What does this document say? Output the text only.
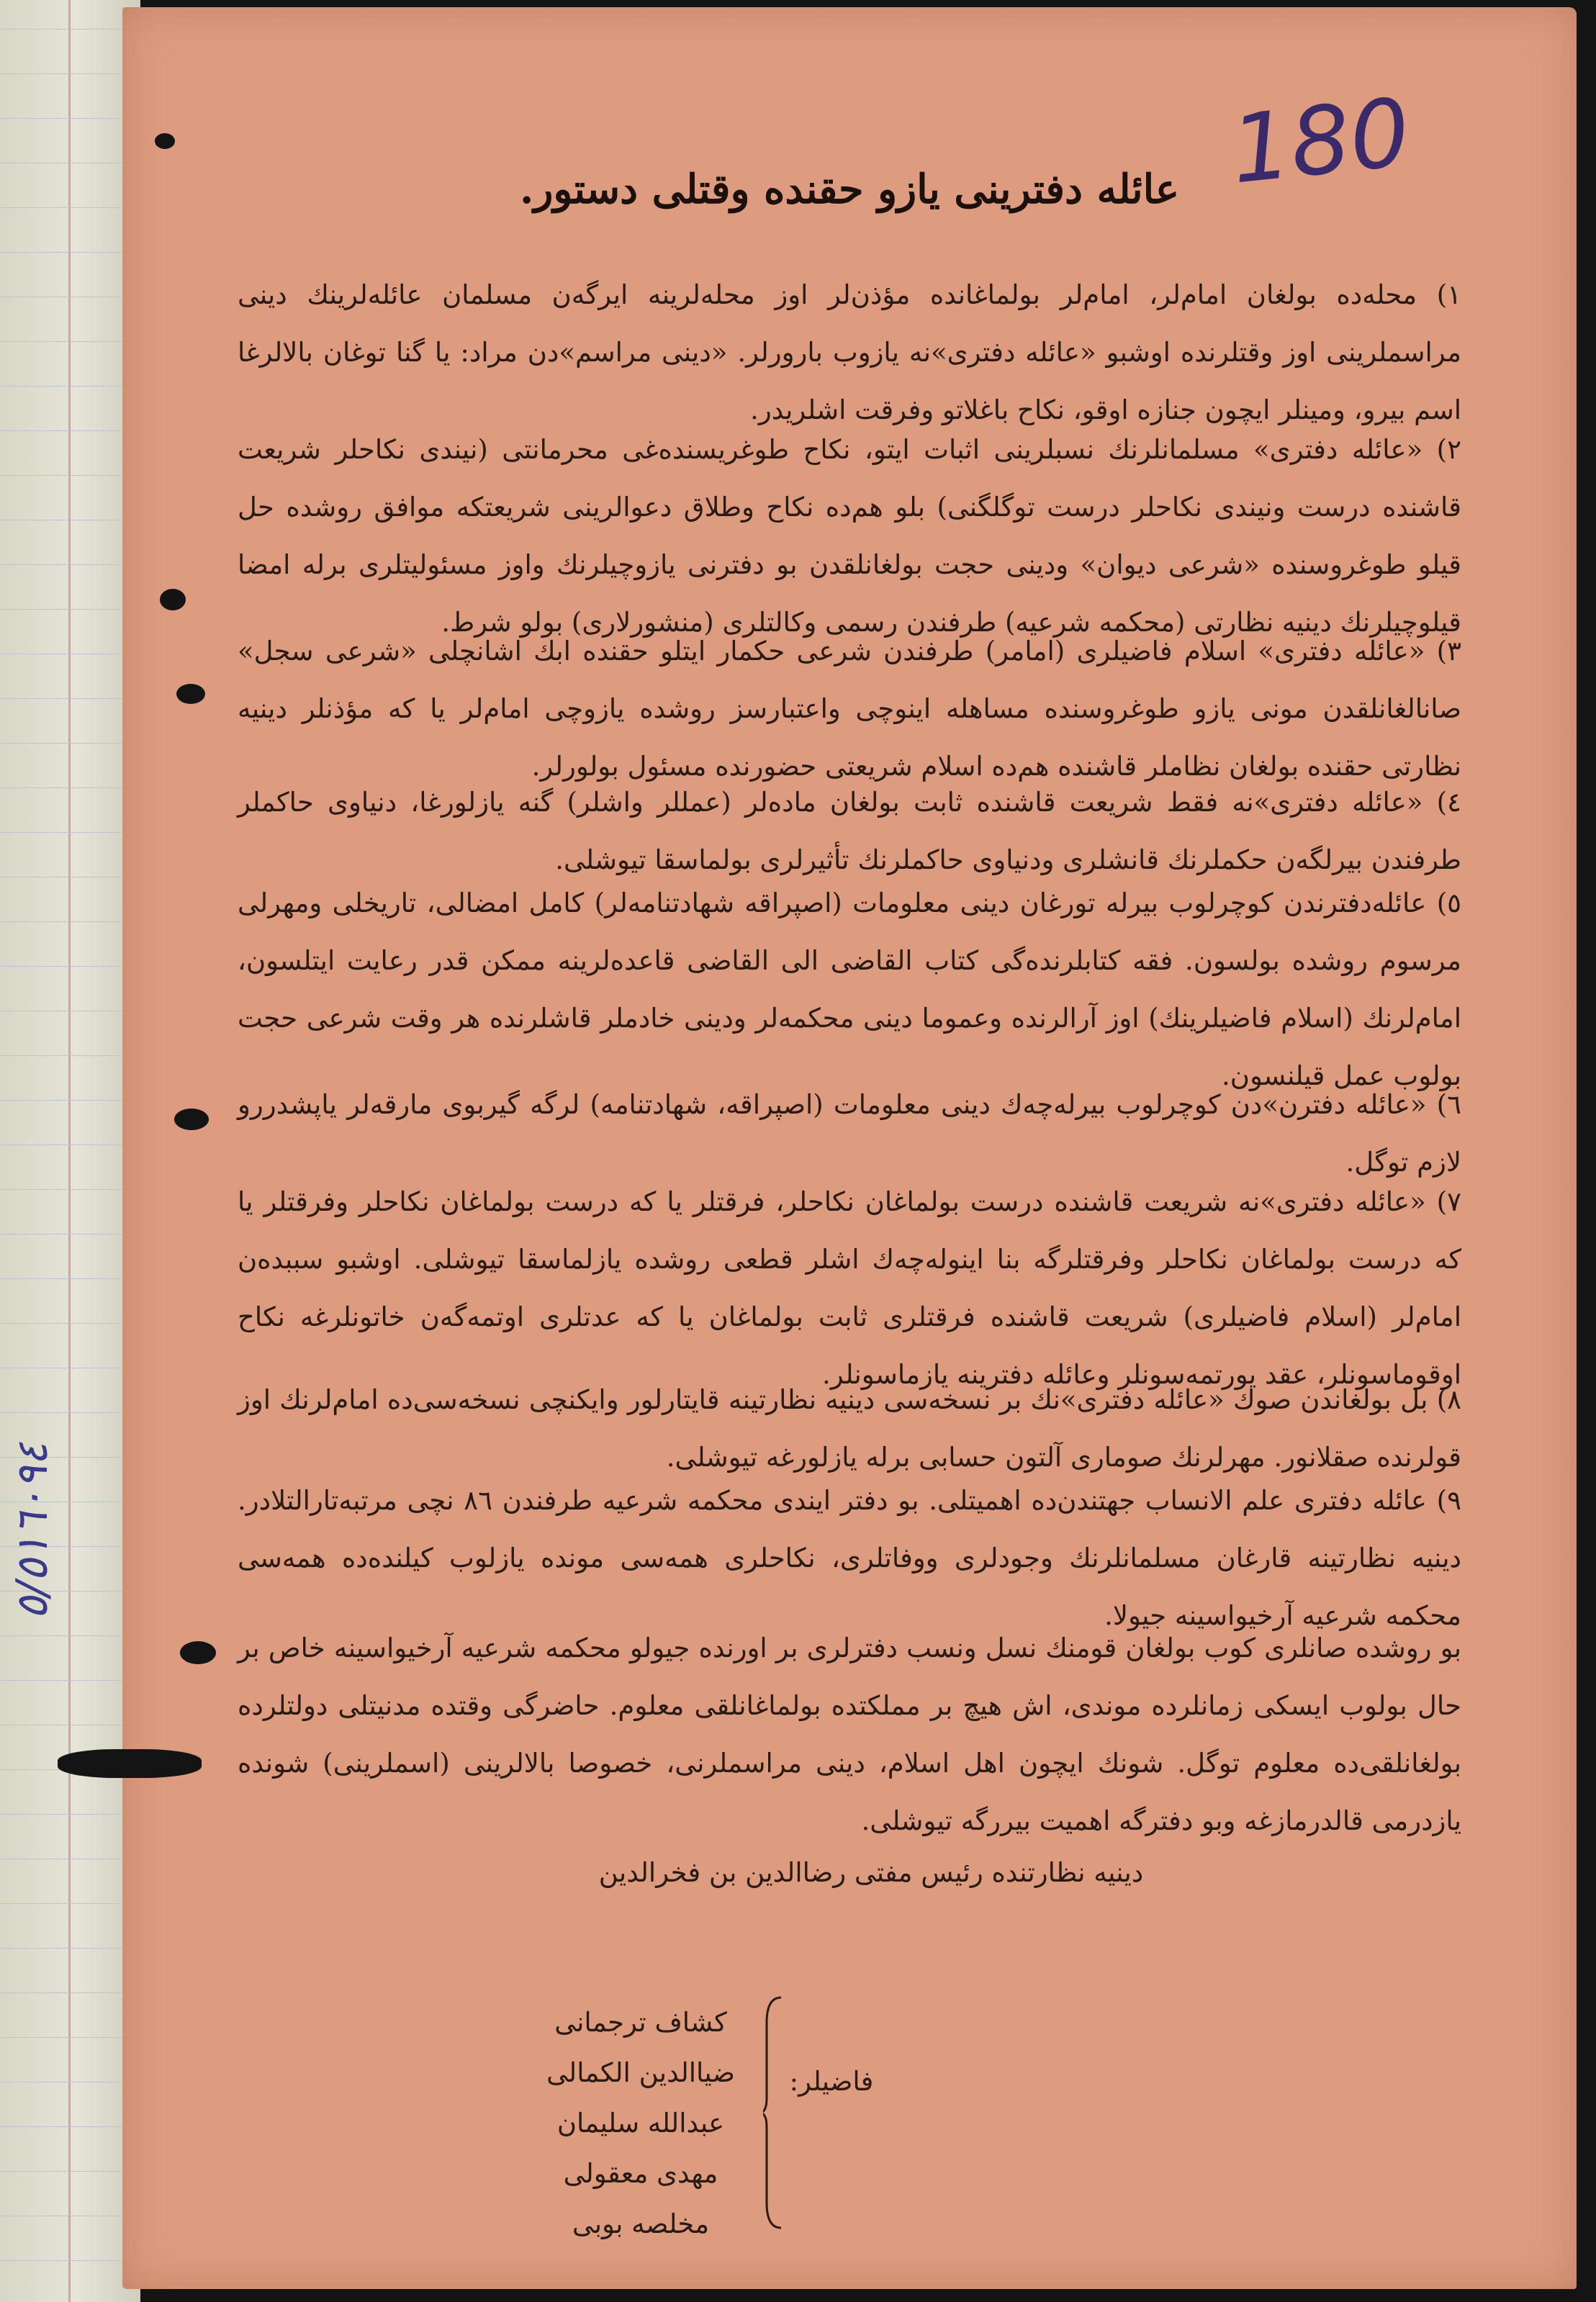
عائله دفترینی یازو حقنده وقتلی دستور. 180

١) محلەدە بولغان امام‌لر، امام‌لر بولماغاندە مؤذن‌لر اوز محلەلرینە ایرگەن مسلمان عائلەلرینك دینی مراسملرینی اوز وقتلرندە اوشبو «عائلە دفتری»نە یازوب بارورلر. «دینی مراسم»دن مراد: یا گنا توغان بالالرغا اسم بیرو، ومینلر ایچون جنازە اوقو، نكاح باغلاتو وفرقت اشلریدر.

٢) «عائلە دفتری» مسلمانلرنك نسبلرینی اثبات ایتو، نكاح طوغریسندەغی محرمانتی (نیندی نكاحلر شریعت قاشندە درست ونیندی نكاحلر درست توگلگنی) بلو هم‌ده نكاح وطلاق دعوالرینی شریعتكە موافق روشدە حل قیلو طوغروسندە «شرعی دیوان» ودینی حجت بولغانلقدن بو دفترنی یازوچیلرنك واوز مسئولیتلری برلە امضا قیلوچیلرنك دینیە نظارتی (محكمە شرعیە) طرفندن رسمی وكالتلری (منشورلاری) بولو شرط.

٣) «عائلە دفتری» اسلام فاضیلری (امامر) طرفندن شرعی حكمار ایتلو حقندە ابك اشانچلی «شرعی سجل» صانالغانلقدن مونی یازو طوغروسندە مساهلە اینوچی واعتبارسز روشدە یازوچی امام‌لر یا كە مؤذنلر دینیە نظارتی حقندە بولغان نظاملر قاشندە هم‌دە اسلام شریعتی حضورندە مسئول بولورلر.

٤) «عائلە دفتری»نە فقط شریعت قاشندە ثابت بولغان مادەلر (عمللر واشلر) گنە یازلورغا، دنیاوی حاكملر طرفندن بیرلگەن حكملرنك قانشلری ودنیاوی حاكملرنك تأثیرلری بولماسقا تیوشلی.

٥) عائلەدفترندن كوچرلوب بیرلە تورغان دینی معلومات (اصپراقە شهادتنامەلر) كامل امضالی، تاریخلی ومهرلی مرسوم روشدە بولسون. فقە كتابلرندەگی كتاب القاضی الی القاضی قاعدەلرینە ممكن قدر رعایت ایتلسون، امام‌لرنك (اسلام فاضیلرینك) اوز آرالرندە وعموما دینی محكمەلر ودینی خادملر قاشلرندە هر وقت شرعی حجت بولوب عمل قیلنسون.

٦) «عائلە دفترن»دن كوچرلوب بیرلەچەك دینی معلومات (اصپراقە، شهادتنامە) لرگە گیربوی مارقەلر یاپشدررو لازم توگل.

٧) «عائلە دفتری»نە شریعت قاشندە درست بولماغان نكاحلر، فرقتلر یا كە درست بولماغان نكاحلر وفرقتلر یا كە درست بولماغان نكاحلر وفرقتلرگە بنا اینولەچەك اشلر قطعی روشدە یازلماسقا تیوشلی. اوشبو سببدەن امام‌لر (اسلام فاضیلری) شریعت قاشندە فرقتلری ثابت بولماغان یا كە عدتلری اوتمەگەن خاتونلرغە نكاح اوقوماسونلر، عقد یورتمەسونلر وعائلە دفترینە یازماسونلر.

٨) بل بولغاندن صوك «عائلە دفتری»نك بر نسخەسی دینیە نظارتینە قایتارلور وایكنچی نسخەسی‌دە امام‌لرنك اوز قولرندە صقلانور. مهرلرنك صوماری آلتون حسابی برلە یازلورغە تیوشلی.

٩) عائلە دفتری علم الانساب جهتندن‌دە اهمیتلی. بو دفتر ایندی محكمە شرعیە طرفندن ٨٦ نچی مرتبەتارالتلادر. دینیە نظارتینە قارغان مسلمانلرنك وجودلری ووفاتلری، نكاحلری همەسی موندە یازلوب كیلندەدە همەسی محكمە شرعیە آرخیواسینە جیولا.

بو روشدە صانلری كوب بولغان قومنك نسل ونسب دفترلری بر اورندە جیولو محكمە شرعیە آرخیواسینە خاص بر حال بولوب ایسكی زمانلردە موندی، اش هیچ بر مملكتدە بولماغانلقی معلوم. حاضرگی وقتدە مدنیتلی دولتلردە بولغانلقی‌دە معلوم توگل. شونك ایچون اهل اسلام، دینی مراسملرنی، خصوصا بالالرینی (اسملرینی) شوندە یازدرمی قالدرمازغە وبو دفترگە اهمیت بیررگە تیوشلی.

دینیە نظارتندە رئیس مفتی رضاالدین بن فخرالدین
فاضیلر:
كشاف ترجمانی
ضیاالدین الكمالی
عبدالله سلیمان
مهدی معقولی
مخلصە بوبی
٥/٥١٦٠٩٤
